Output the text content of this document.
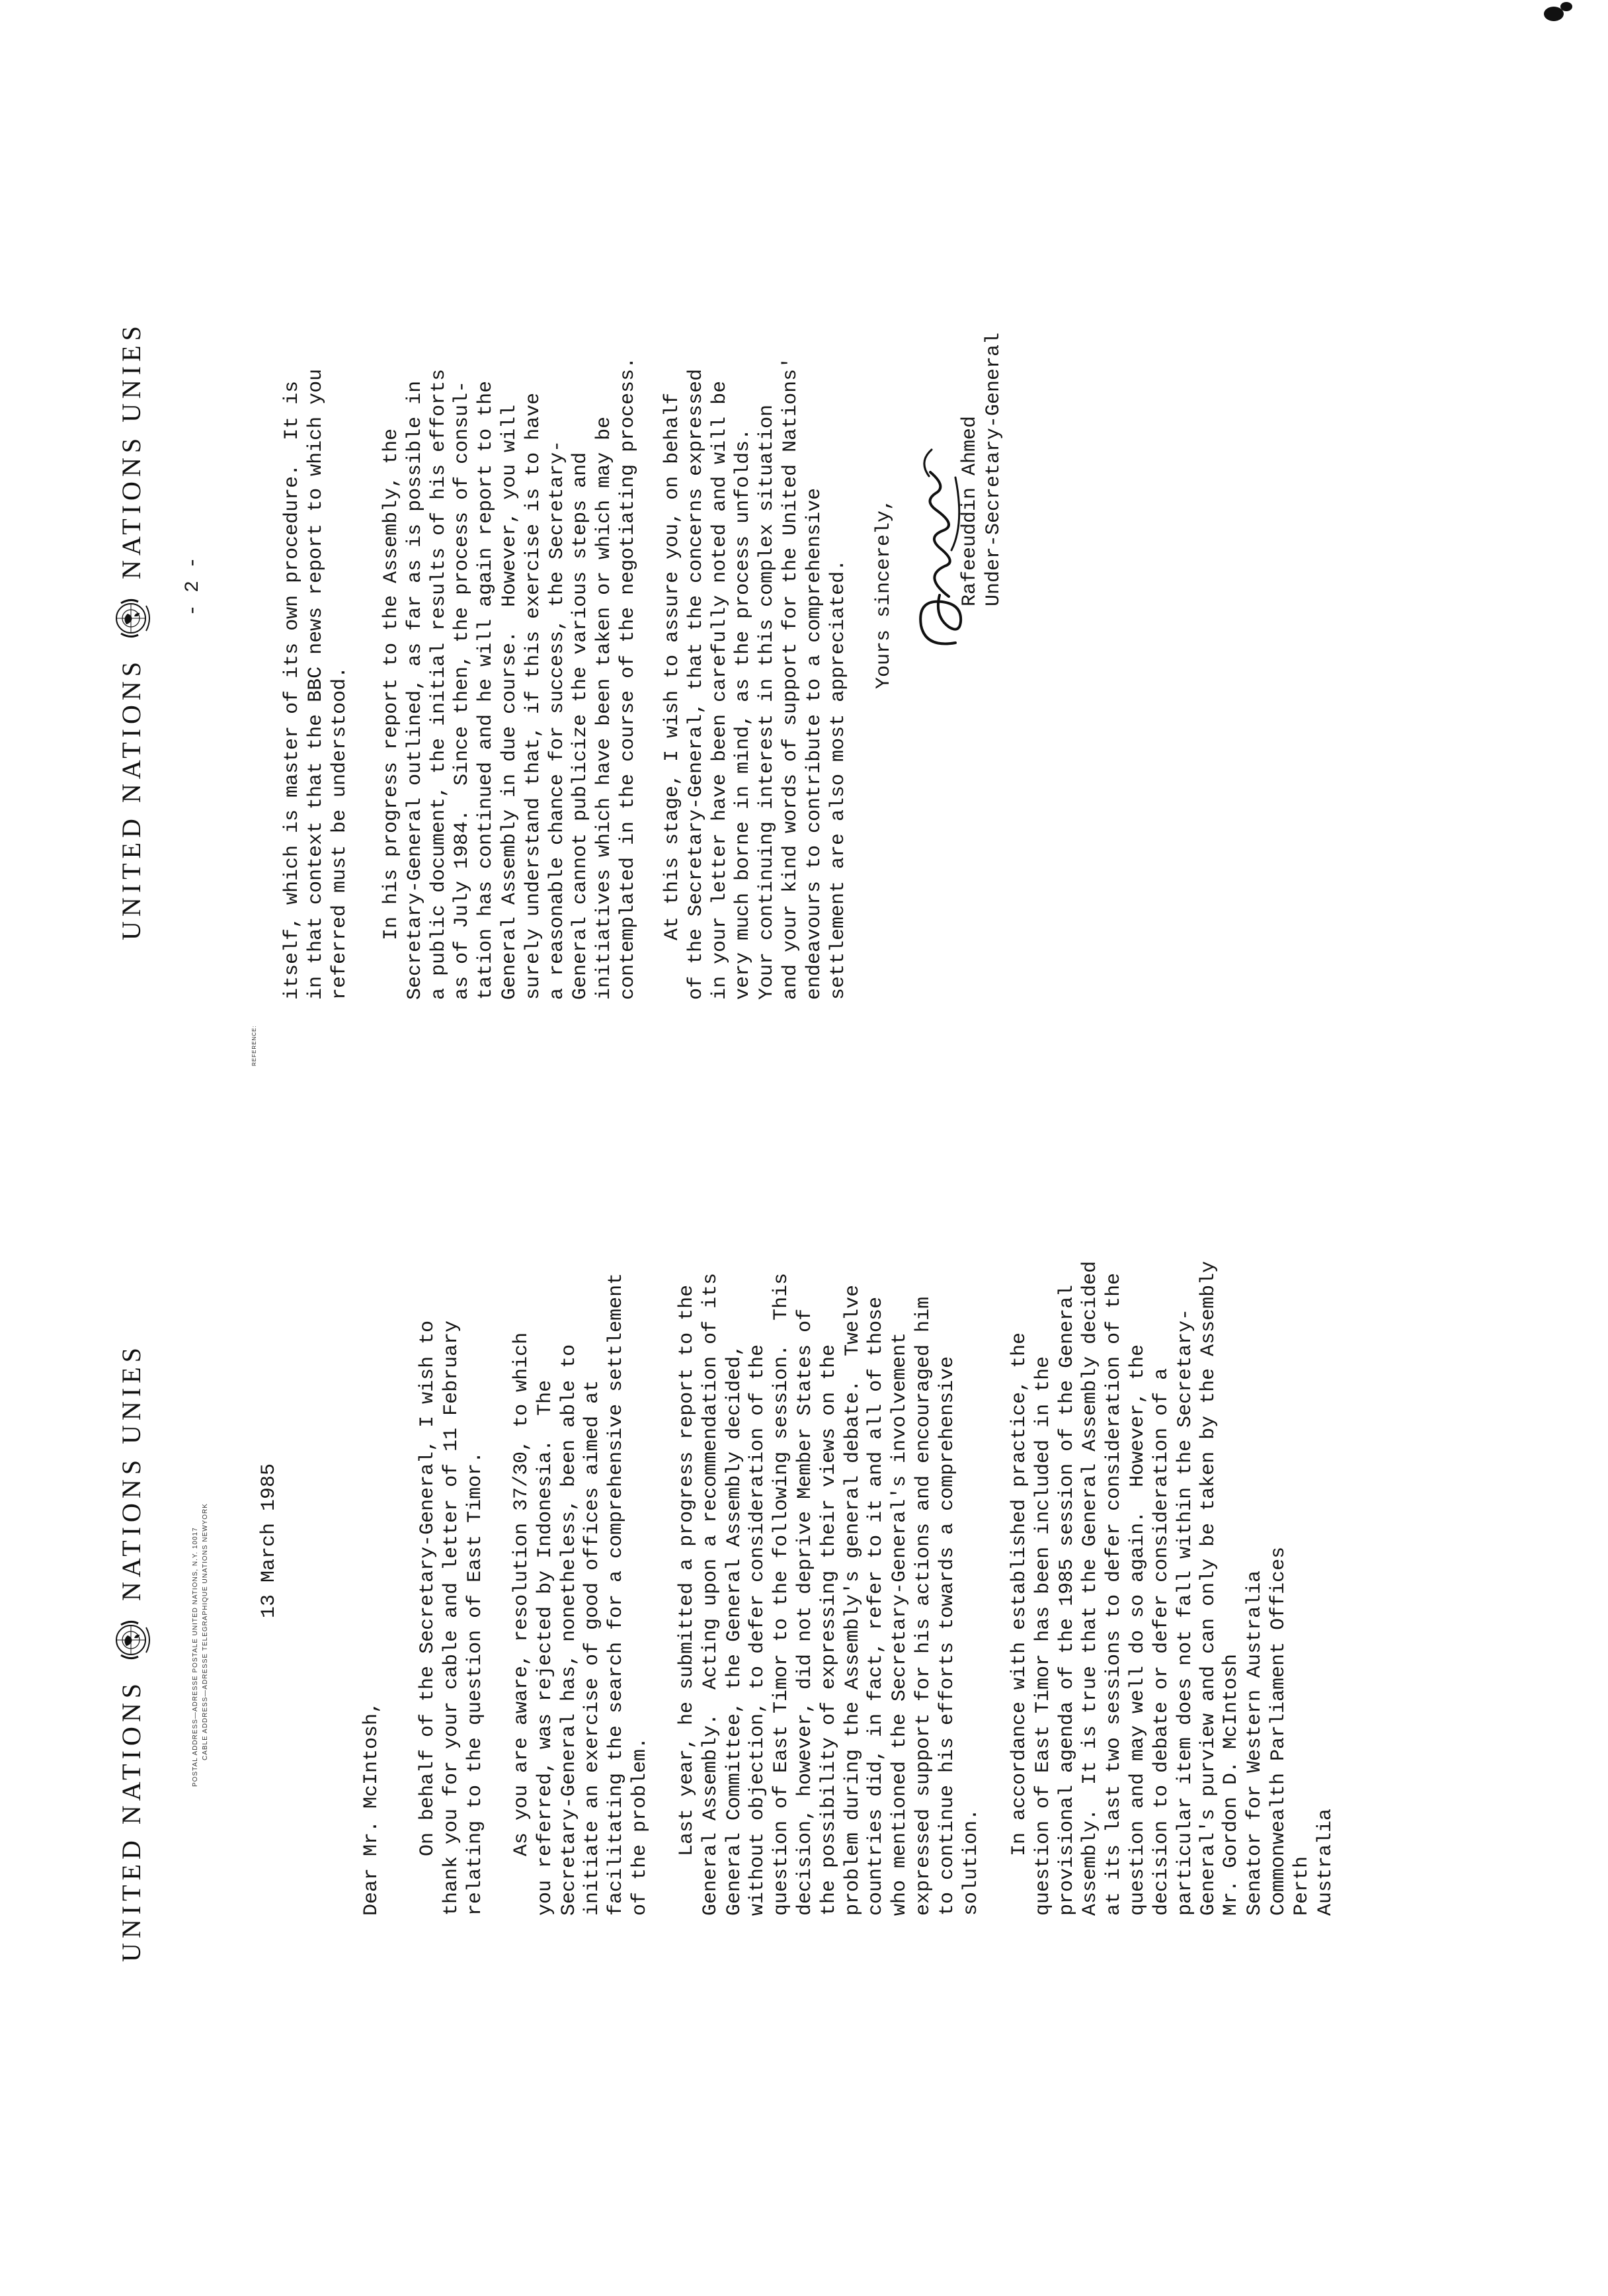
UNITED NATIONS
NATIONS UNIES
POSTAL ADDRESS—ADRESSE POSTALE UNITED NATIONS, N.Y. 10017 CABLE ADDRESS—ADRESSE TELEGRAPHIQUE UNATIONS NEWYORK
REFERENCE:
13 March 1985
Dear Mr. McIntosh, On behalf of the Secretary-General, I wish to thank you for your cable and letter of 11 February relating to the question of East Timor. As you are aware, resolution 37/30, to which you referred, was rejected by Indonesia.  The Secretary-General has, nonetheless, been able to initiate an exercise of good offices aimed at facilitating the search for a comprehensive settlement of the problem. Last year, he submitted a progress report to the General Assembly.  Acting upon a recommendation of its General Committee, the General Assembly decided, without objection, to defer consideration of the question of East Timor to the following session.  This decision, however, did not deprive Member States of the possibility of expressing their views on the problem during the Assembly's general debate.  Twelve countries did, in fact, refer to it and all of those who mentioned the Secretary-General's involvement expressed support for his actions and encouraged him to continue his efforts towards a comprehensive solution. In accordance with established practice, the question of East Timor has been included in the provisional agenda of the 1985 session of the General Assembly.  It is true that the General Assembly decided at its last two sessions to defer consideration of the question and may well do so again.  However, the decision to debate or defer consideration of a particular item does not fall within the Secretary- General's purview and can only be taken by the Assembly Mr. Gordon D. McIntosh Senator for Western Australia Commonwealth Parliament Offices Perth Australia
UNITED NATIONS
NATIONS UNIES
- 2 -	itself, which is master of its own procedure.  It is in that context that the BBC news report to which you referred must be understood. In his progress report to the Assembly, the Secretary-General outlined, as far as is possible in a public document, the initial results of his efforts as of July 1984.  Since then, the process of consul- tation has continued and he will again report to the General Assembly in due course.  However, you will surely understand that, if this exercise is to have a reasonable chance for success, the Secretary- General cannot publicize the various steps and initiatives which have been taken or which may be contemplated in the course of the negotiating process. At this stage, I wish to assure you, on behalf of the Secretary-General, that the concerns expressed in your letter have been carefully noted and will be very much borne in mind, as the process unfolds. Your continuing interest in this complex situation and your kind words of support for the United Nations' endeavours to contribute to a comprehensive settlement are also most appreciated. Yours sincerely,	Rafeeuddin Ahmed Under-Secretary-General
